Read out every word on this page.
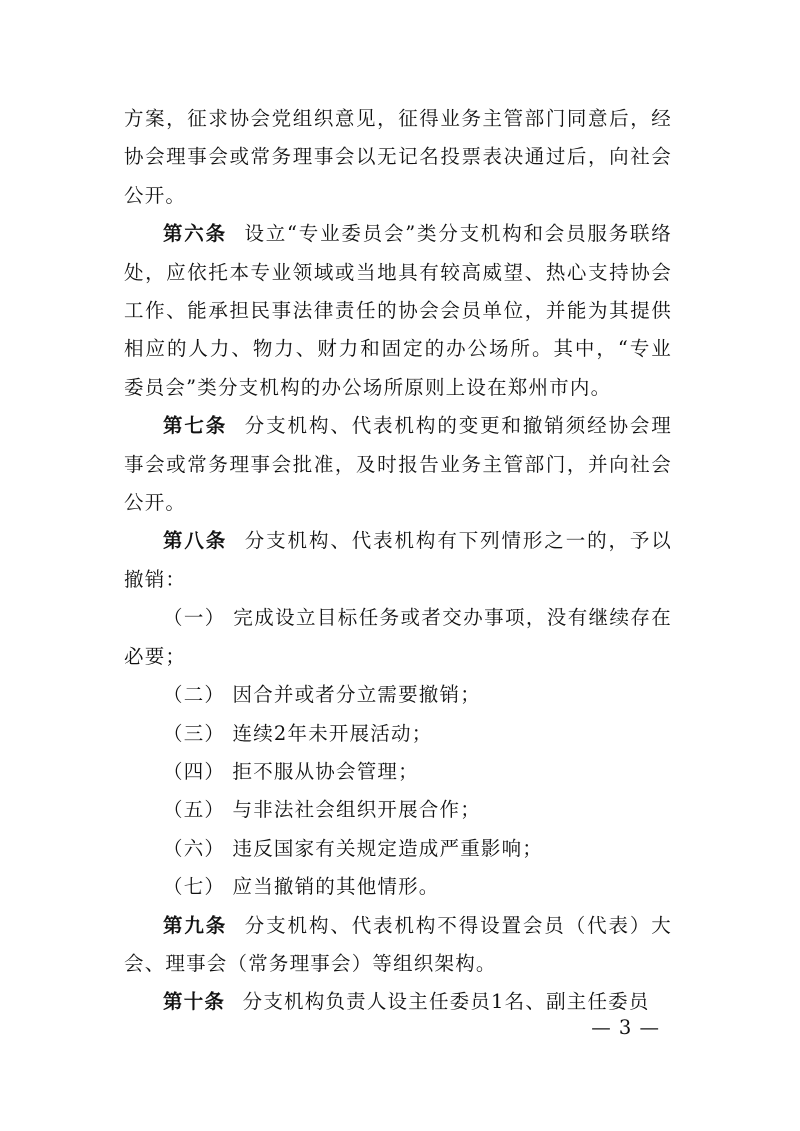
方案，征求协会党组织意见，征得业务主管部门同意后，经协会理事会或常务理事会以无记名投票表决通过后，向社会公开。

第六条 设立“专业委员会”类分支机构和会员服务联络处，应依托本专业领域或当地具有较高威望、热心支持协会工作、能承担民事法律责任的协会会员单位，并能为其提供相应的人力、物力、财力和固定的办公场所。其中，“专业委员会”类分支机构的办公场所原则上设在郑州市内。

第七条 分支机构、代表机构的变更和撤销须经协会理事会或常务理事会批准，及时报告业务主管部门，并向社会公开。

第八条 分支机构、代表机构有下列情形之一的，予以撤销：

（一） 完成设立目标任务或者交办事项，没有继续存在必要；

（二） 因合并或者分立需要撤销；

（三） 连续2年未开展活动；

（四） 拒不服从协会管理；

（五） 与非法社会组织开展合作；

（六） 违反国家有关规定造成严重影响；

（七） 应当撤销的其他情形。

第九条 分支机构、代表机构不得设置会员（代表）大会、理事会（常务理事会）等组织架构。

第十条 分支机构负责人设主任委员1名、副主任委员

— 3 —
